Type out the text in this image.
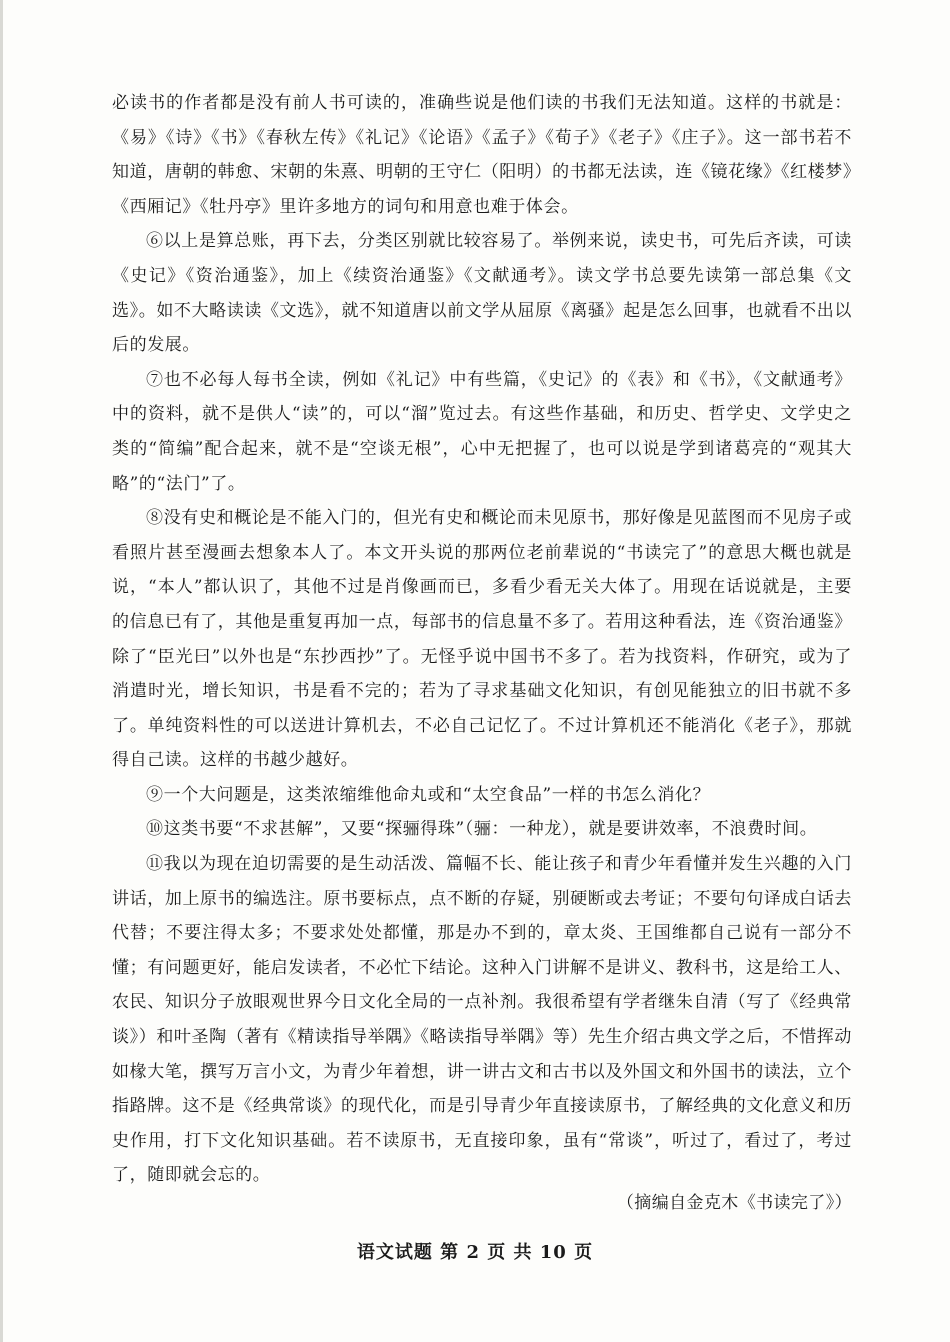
必读书的作者都是没有前人书可读的，准确些说是他们读的书我们无法知道。这样的书就是：《易》《诗》《书》《春秋左传》《礼记》《论语》《孟子》《荀子》《老子》《庄子》。这一部书若不知道，唐朝的韩愈、宋朝的朱熹、明朝的王守仁（阳明）的书都无法读，连《镜花缘》《红楼梦》《西厢记》《牡丹亭》里许多地方的词句和用意也难于体会。

⑥以上是算总账，再下去，分类区别就比较容易了。举例来说，读史书，可先后齐读，可读《史记》《资治通鉴》，加上《续资治通鉴》《文献通考》。读文学书总要先读第一部总集《文选》。如不大略读读《文选》，就不知道唐以前文学从屈原《离骚》起是怎么回事，也就看不出以后的发展。

⑦也不必每人每书全读，例如《礼记》中有些篇，《史记》的《表》和《书》，《文献通考》中的资料，就不是供人“读”的，可以“溜”览过去。有这些作基础，和历史、哲学史、文学史之类的“简编”配合起来，就不是“空谈无根”，心中无把握了，也可以说是学到诸葛亮的“观其大略”的“法门”了。

⑧没有史和概论是不能入门的，但光有史和概论而未见原书，那好像是见蓝图而不见房子或看照片甚至漫画去想象本人了。本文开头说的那两位老前辈说的“书读完了”的意思大概也就是说，“本人”都认识了，其他不过是肖像画而已，多看少看无关大体了。用现在话说就是，主要的信息已有了，其他是重复再加一点，每部书的信息量不多了。若用这种看法，连《资治通鉴》除了“臣光曰”以外也是“东抄西抄”了。无怪乎说中国书不多了。若为找资料，作研究，或为了消遣时光，增长知识，书是看不完的；若为了寻求基础文化知识，有创见能独立的旧书就不多了。单纯资料性的可以送进计算机去，不必自己记忆了。不过计算机还不能消化《老子》，那就得自己读。这样的书越少越好。

⑨一个大问题是，这类浓缩维他命丸或和“太空食品”一样的书怎么消化？

⑩这类书要“不求甚解”，又要“探骊得珠”（骊：一种龙），就是要讲效率，不浪费时间。

⑪我以为现在迫切需要的是生动活泼、篇幅不长、能让孩子和青少年看懂并发生兴趣的入门讲话，加上原书的编选注。原书要标点，点不断的存疑，别硬断或去考证；不要句句译成白话去代替；不要注得太多；不要求处处都懂，那是办不到的，章太炎、王国维都自己说有一部分不懂；有问题更好，能启发读者，不必忙下结论。这种入门讲解不是讲义、教科书，这是给工人、农民、知识分子放眼观世界今日文化全局的一点补剂。我很希望有学者继朱自清（写了《经典常谈》）和叶圣陶（著有《精读指导举隅》《略读指导举隅》等）先生介绍古典文学之后，不惜挥动如椽大笔，撰写万言小文，为青少年着想，讲一讲古文和古书以及外国文和外国书的读法，立个指路牌。这不是《经典常谈》的现代化，而是引导青少年直接读原书，了解经典的文化意义和历史作用，打下文化知识基础。若不读原书，无直接印象，虽有“常谈”，听过了，看过了，考过了，随即就会忘的。

（摘编自金克木《书读完了》）
语文试题 第 2 页 共 10 页
